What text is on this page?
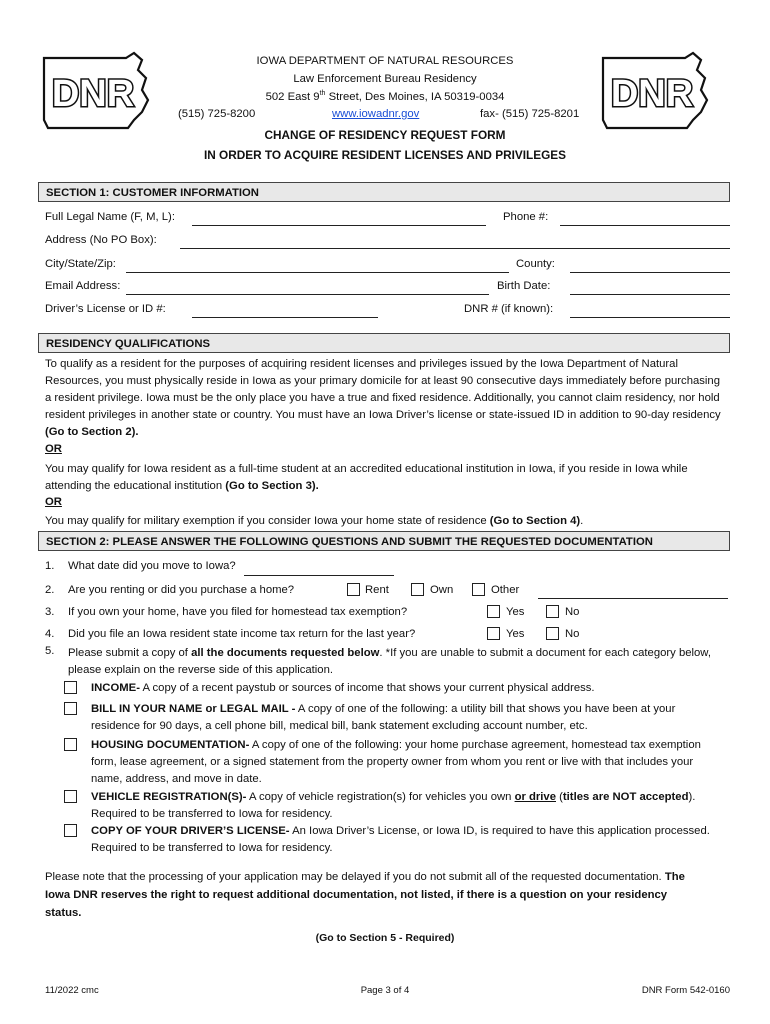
DNR	DNR
IOWA DEPARTMENT OF NATURAL RESOURCES
Law Enforcement Bureau Residency
502 East 9th Street, Des Moines, IA 50319-0034
(515) 725-8200	www.iowadnr.gov	fax- (515) 725-8201
CHANGE OF RESIDENCY REQUEST FORM
IN ORDER TO ACQUIRE RESIDENT LICENSES AND PRIVILEGES
SECTION 1: CUSTOMER INFORMATION
Full Legal Name (F, M, L):	Phone #:
Address (No PO Box):
City/State/Zip:	County:
Email Address:	Birth Date:
Driver’s License or ID #:	DNR # (if known):
RESIDENCY QUALIFICATIONS
To qualify as a resident for the purposes of acquiring resident licenses and privileges issued by the Iowa Department of Natural Resources, you must physically reside in Iowa as your primary domicile for at least 90 consecutive days immediately before purchasing a resident privilege. Iowa must be the only place you have a true and fixed residence. Additionally, you cannot claim residency, nor hold resident privileges in another state or country. You must have an Iowa Driver’s license or state-issued ID in addition to 90-day residency (Go to Section 2).
OR
You may qualify for Iowa resident as a full-time student at an accredited educational institution in Iowa, if you reside in Iowa while attending the educational institution (Go to Section 3).
OR
You may qualify for military exemption if you consider Iowa your home state of residence (Go to Section 4).
SECTION 2: PLEASE ANSWER THE FOLLOWING QUESTIONS AND SUBMIT THE REQUESTED DOCUMENTATION
1. What date did you move to Iowa?
2. Are you renting or did you purchase a home?	Rent	Own	Other
3. If you own your home, have you filed for homestead tax exemption?	Yes	No
4. Did you file an Iowa resident state income tax return for the last year?	Yes	No
5. Please submit a copy of all the documents requested below. *If you are unable to submit a document for each category below, please explain on the reverse side of this application.
INCOME- A copy of a recent paystub or sources of income that shows your current physical address.
BILL IN YOUR NAME or LEGAL MAIL - A copy of one of the following: a utility bill that shows you have been at your residence for 90 days, a cell phone bill, medical bill, bank statement excluding account number, etc.
HOUSING DOCUMENTATION- A copy of one of the following: your home purchase agreement, homestead tax exemption form, lease agreement, or a signed statement from the property owner from whom you rent or live with that includes your name, address, and move in date.
VEHICLE REGISTRATION(S)- A copy of vehicle registration(s) for vehicles you own or drive (titles are NOT accepted). Required to be transferred to Iowa for residency.
COPY OF YOUR DRIVER’S LICENSE- An Iowa Driver’s License, or Iowa ID, is required to have this application processed. Required to be transferred to Iowa for residency.
Please note that the processing of your application may be delayed if you do not submit all of the requested documentation. The Iowa DNR reserves the right to request additional documentation, not listed, if there is a question on your residency status.
(Go to Section 5 - Required)
11/2022 cmc	Page 3 of 4	DNR Form 542-0160
